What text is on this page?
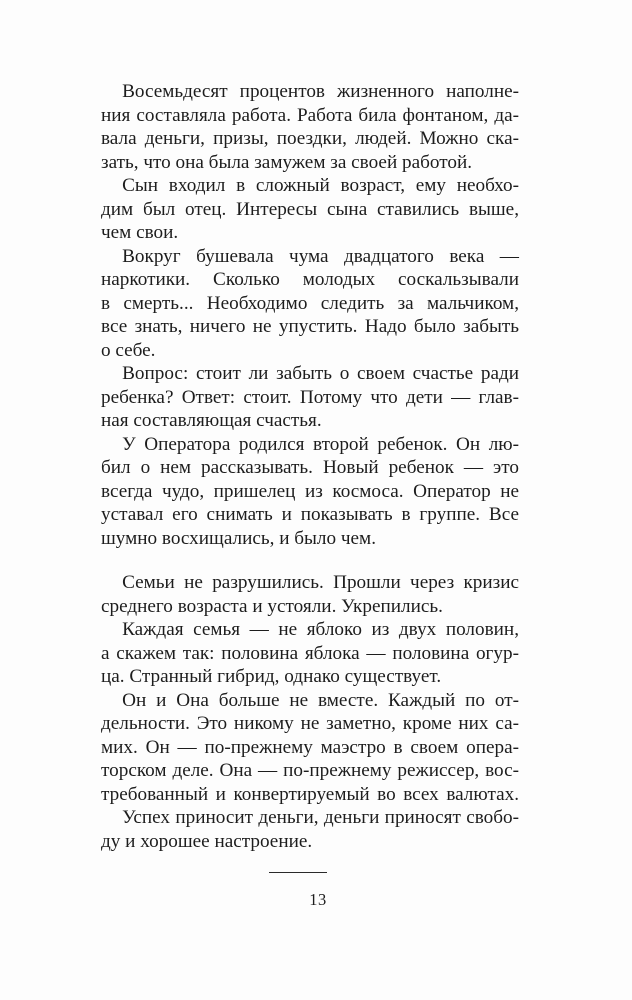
Восемьдесят процентов жизненного наполне-
ния составляла работа. Работа била фонтаном, да-
вала деньги, призы, поездки, людей. Можно ска-
зать, что она была замужем за своей работой.
Сын входил в сложный возраст, ему необхо-
дим был отец. Интересы сына ставились выше,
чем свои.
Вокруг бушевала чума двадцатого века —
наркотики. Сколько молодых соскальзывали
в смерть... Необходимо следить за мальчиком,
все знать, ничего не упустить. Надо было забыть
о себе.
Вопрос: стоит ли забыть о своем счастье ради
ребенка? Ответ: стоит. Потому что дети — глав-
ная составляющая счастья.
У Оператора родился второй ребенок. Он лю-
бил о нем рассказывать. Новый ребенок — это
всегда чудо, пришелец из космоса. Оператор не
уставал его снимать и показывать в группе. Все
шумно восхищались, и было чем.
Семьи не разрушились. Прошли через кризис
среднего возраста и устояли. Укрепились.
Каждая семья — не яблоко из двух половин,
а скажем так: половина яблока — половина огур-
ца. Странный гибрид, однако существует.
Он и Она больше не вместе. Каждый по от-
дельности. Это никому не заметно, кроме них са-
мих. Он — по-прежнему маэстро в своем опера-
торском деле. Она — по-прежнему режиссер, вос-
требованный и конвертируемый во всех валютах.
Успех приносит деньги, деньги приносят свобо-
ду и хорошее настроение.
13
